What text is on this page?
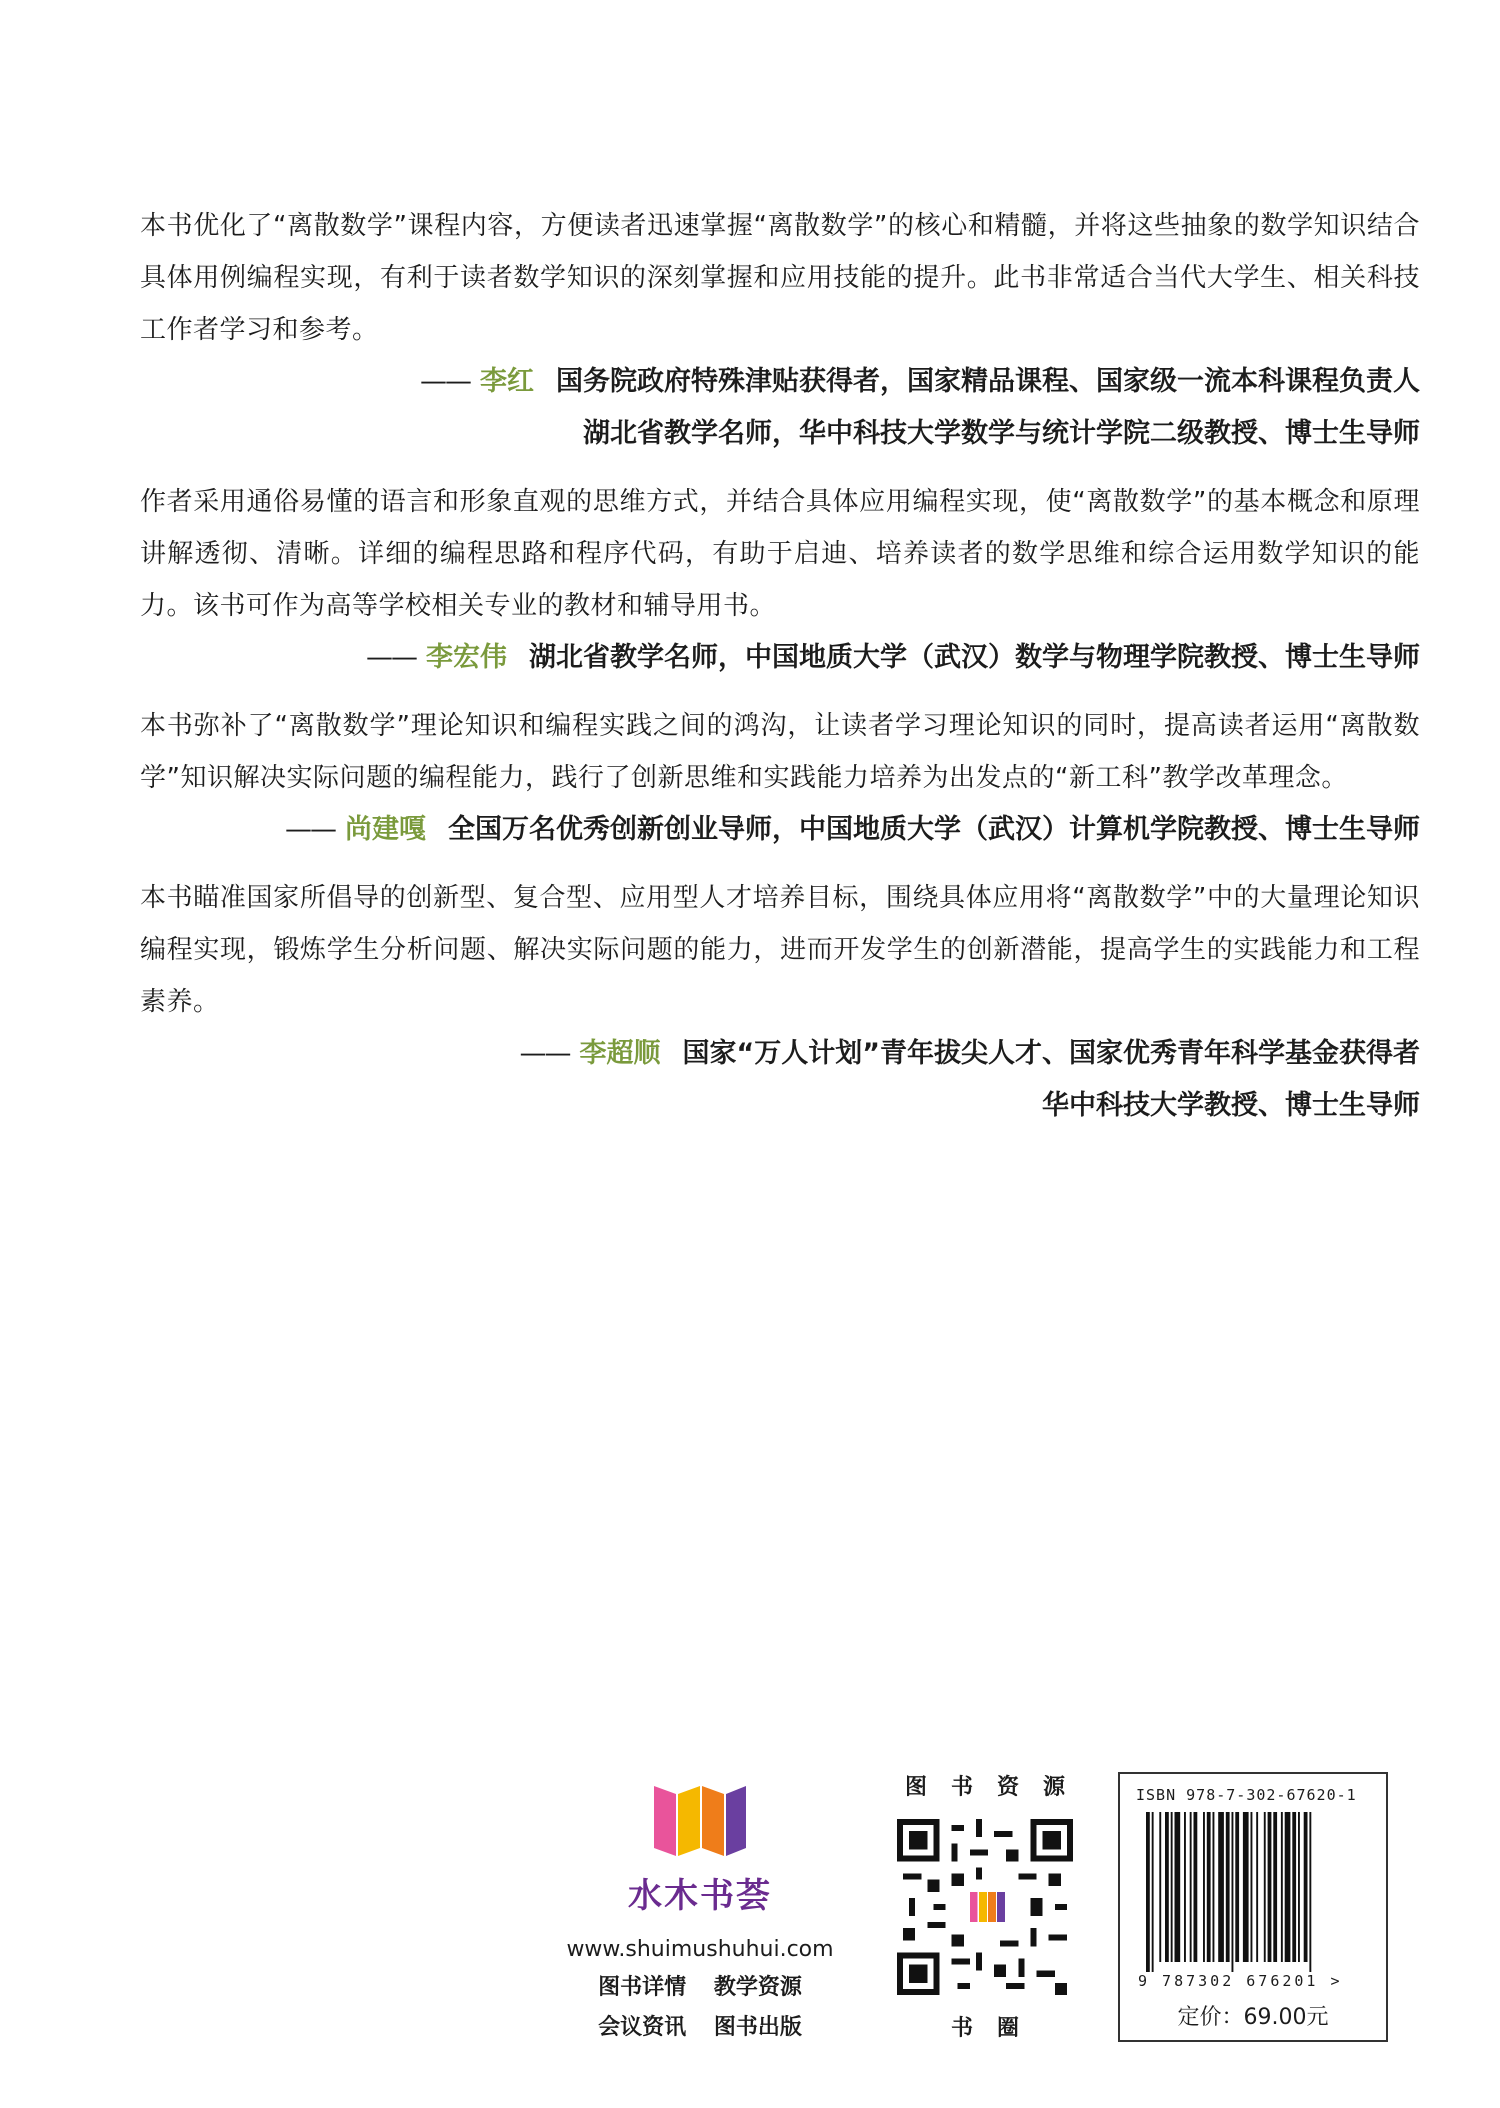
本书优化了“离散数学”课程内容，方便读者迅速掌握“离散数学”的核心和精髓，并将这些抽象的数学知识结合具体用例编程实现，有利于读者数学知识的深刻掌握和应用技能的提升。此书非常适合当代大学生、相关科技工作者学习和参考。

—— 李红 国务院政府特殊津贴获得者，国家精品课程、国家级一流本科课程负责人

湖北省教学名师，华中科技大学数学与统计学院二级教授、博士生导师

作者采用通俗易懂的语言和形象直观的思维方式，并结合具体应用编程实现，使“离散数学”的基本概念和原理讲解透彻、清晰。详细的编程思路和程序代码，有助于启迪、培养读者的数学思维和综合运用数学知识的能力。该书可作为高等学校相关专业的教材和辅导用书。

—— 李宏伟 湖北省教学名师，中国地质大学（武汉）数学与物理学院教授、博士生导师

本书弥补了“离散数学”理论知识和编程实践之间的鸿沟，让读者学习理论知识的同时，提高读者运用“离散数学”知识解决实际问题的编程能力，践行了创新思维和实践能力培养为出发点的“新工科”教学改革理念。

—— 尚建嘎 全国万名优秀创新创业导师，中国地质大学（武汉）计算机学院教授、博士生导师

本书瞄准国家所倡导的创新型、复合型、应用型人才培养目标，围绕具体应用将“离散数学”中的大量理论知识编程实现，锻炼学生分析问题、解决实际问题的能力，进而开发学生的创新潜能，提高学生的实践能力和工程素养。

—— 李超顺 国家“万人计划”青年拔尖人才、国家优秀青年科学基金获得者

华中科技大学教授、博士生导师

水木书荟
www.shuimushuhui.com
图书详情 教学资源
会议资讯 图书出版
图书资源
书圈
ISBN 978-7-302-67620-1
9 787302 676201 >
定价：69.00元
